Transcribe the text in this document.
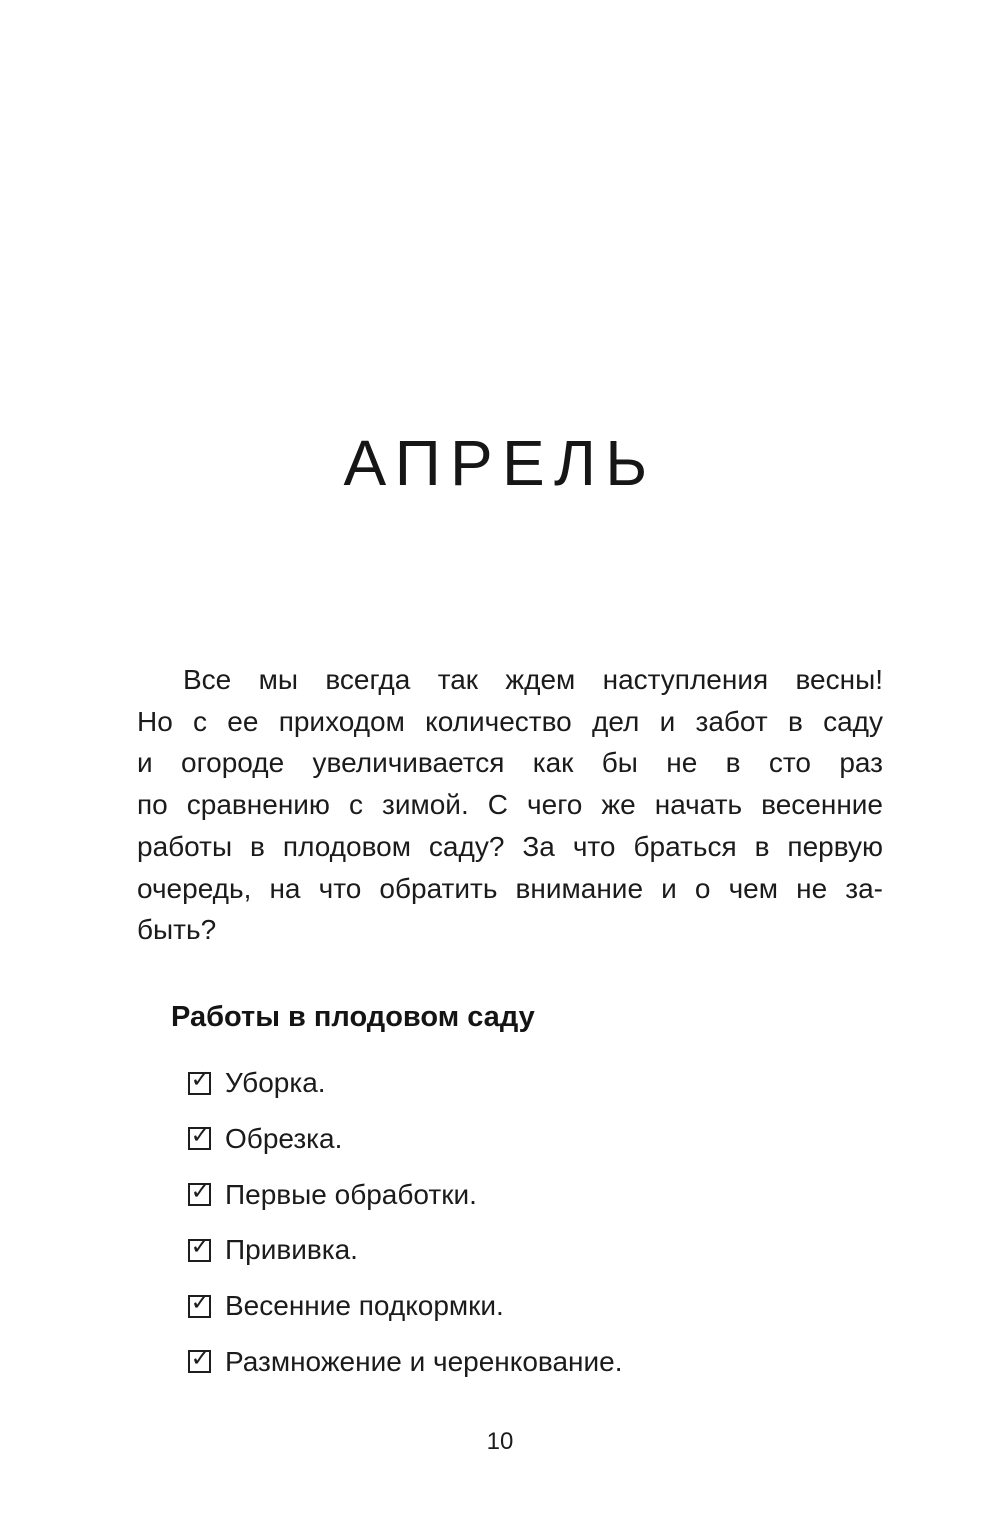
АПРЕЛЬ
Все мы всегда так ждем наступления весны!
Но с ее приходом количество дел и забот в саду
и огороде увеличивается как бы не в сто раз
по сравнению с зимой. С чего же начать весенние
работы в плодовом саду? За что браться в первую
очередь, на что обратить внимание и о чем не за-
быть?
Работы в плодовом саду
✓ Уборка.
✓ Обрезка.
✓ Первые обработки.
✓ Прививка.
✓ Весенние подкормки.
✓ Размножение и черенкование.
10
